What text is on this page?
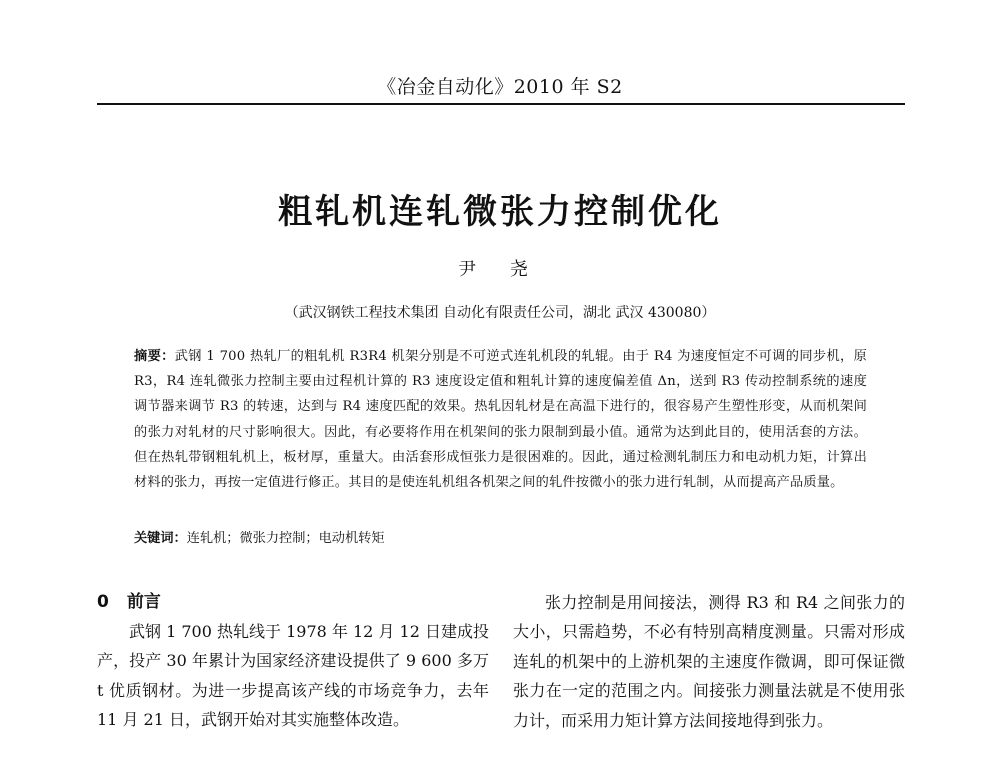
《冶金自动化》2010 年 S2
粗轧机连轧微张力控制优化
尹 尧
（武汉钢铁工程技术集团 自动化有限责任公司，湖北 武汉 430080）
摘要：武钢 1 700 热轧厂的粗轧机 R3R4 机架分别是不可逆式连轧机段的轧辊。由于 R4 为速度恒定不可调的同步机，原 R3，R4 连轧微张力控制主要由过程机计算的 R3 速度设定值和粗轧计算的速度偏差值 Δn，送到 R3 传动控制系统的速度调节器来调节 R3 的转速，达到与 R4 速度匹配的效果。热轧因轧材是在高温下进行的，很容易产生塑性形变，从而机架间的张力对轧材的尺寸影响很大。因此，有必要将作用在机架间的张力限制到最小值。通常为达到此目的，使用活套的方法。但在热轧带钢粗轧机上，板材厚，重量大。由活套形成恒张力是很困难的。因此，通过检测轧制压力和电动机力矩，计算出材料的张力，再按一定值进行修正。其目的是使连轧机组各机架之间的轧件按微小的张力进行轧制，从而提高产品质量。
关键词：连轧机；微张力控制；电动机转矩
0 前言

武钢 1 700 热轧线于 1978 年 12 月 12 日建成投产，投产 30 年累计为国家经济建设提供了 9 600 多万 t 优质钢材。为进一步提高该产线的市场竞争力，去年 11 月 21 日，武钢开始对其实施整体改造。

张力控制是用间接法，测得 R3 和 R4 之间张力的大小，只需趋势，不必有特别高精度测量。只需对形成连轧的机架中的上游机架的主速度作微调，即可保证微张力在一定的范围之内。间接张力测量法就是不使用张力计，而采用力矩计算方法间接地得到张力。
